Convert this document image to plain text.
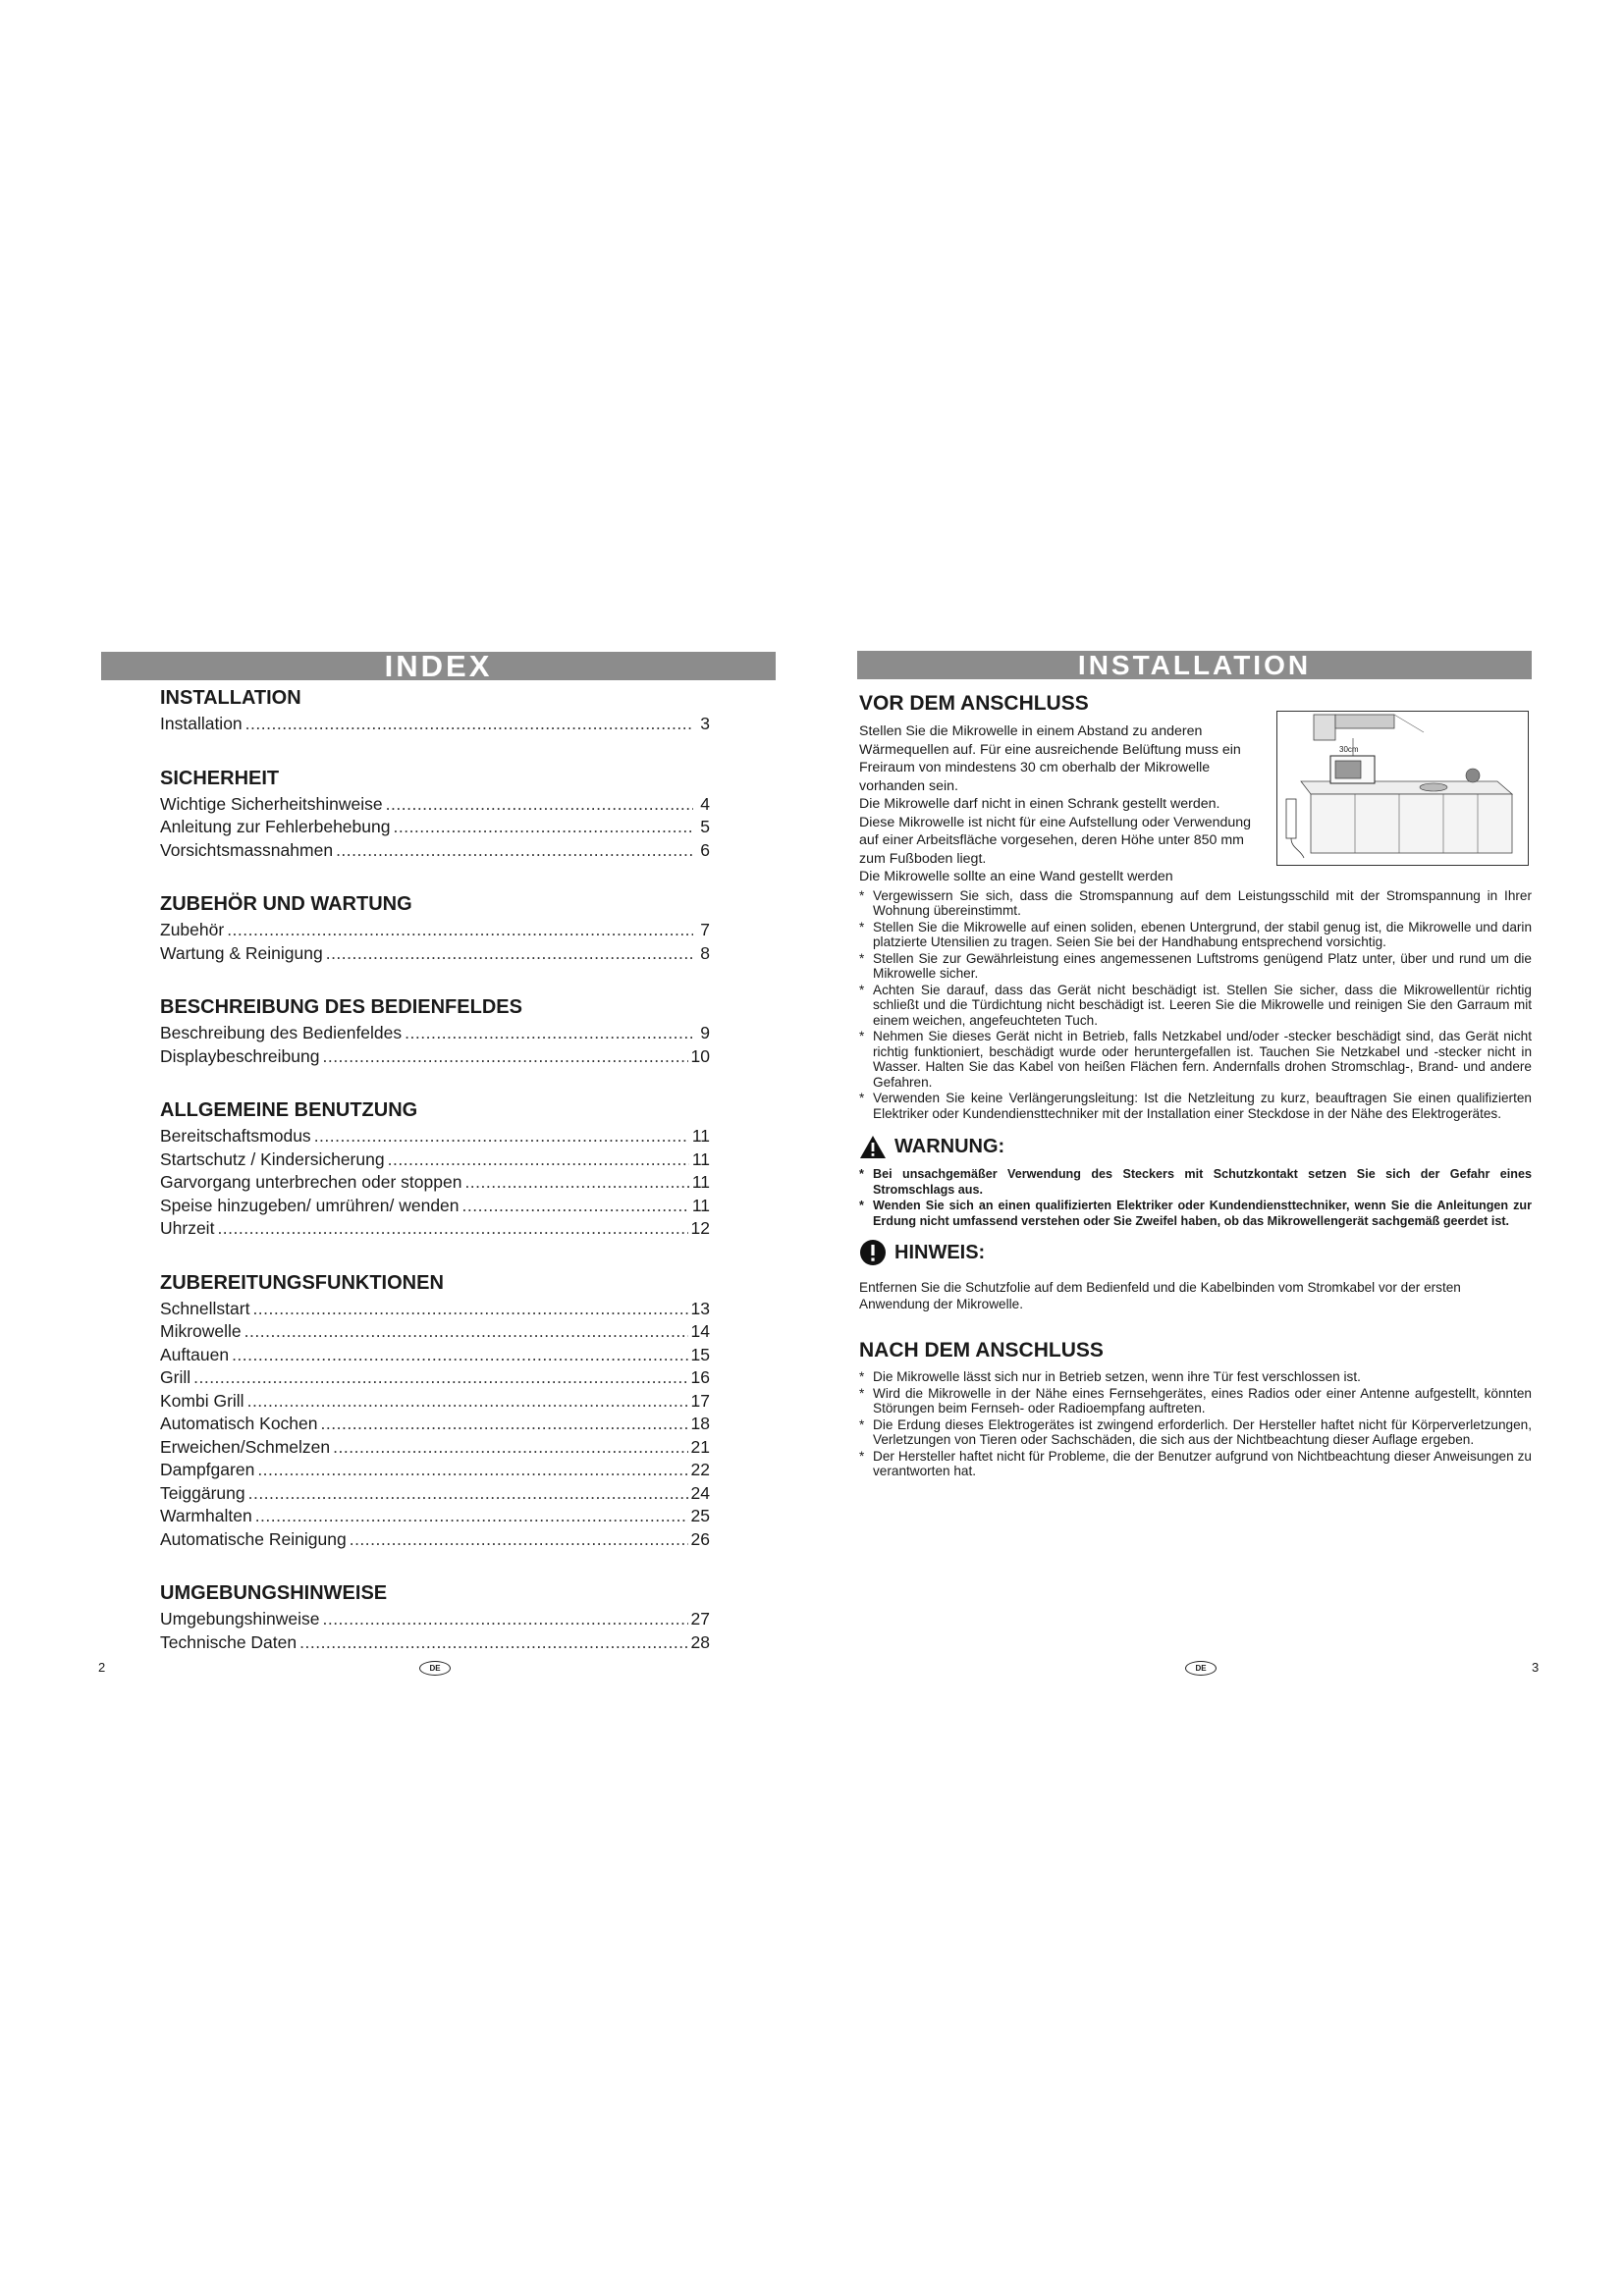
INDEX
INSTALLATION
Installation .....	3
SICHERHEIT
Wichtige Sicherheitshinweise .....	4
Anleitung zur Fehlerbehebung .....	5
Vorsichtsmassnahmen .....	6
ZUBEHÖR UND WARTUNG
Zubehör .....	7
Wartung & Reinigung .....	8
BESCHREIBUNG DES BEDIENFELDES
Beschreibung des Bedienfeldes .....	9
Displaybeschreibung .....	10
ALLGEMEINE BENUTZUNG
Bereitschaftsmodus .....	11
Startschutz / Kindersicherung .....	11
Garvorgang unterbrechen oder stoppen .....	11
Speise hinzugeben/ umrühren/ wenden .....	11
Uhrzeit .....	12
ZUBEREITUNGSFUNKTIONEN
Schnellstart .....	13
Mikrowelle .....	14
Auftauen .....	15
Grill .....	16
Kombi Grill .....	17
Automatisch Kochen .....	18
Erweichen/Schmelzen .....	21
Dampfgaren .....	22
Teiggärung .....	24
Warmhalten .....	25
Automatische Reinigung .....	26
UMGEBUNGSHINWEISE
Umgebungshinweise .....	27
Technische Daten .....	28
2	DE
INSTALLATION
VOR DEM ANSCHLUSS
Stellen Sie die Mikrowelle in einem Abstand zu anderen Wärmequellen auf. Für eine ausreichende Belüftung muss ein Freiraum von mindestens 30 cm oberhalb der Mikrowelle vorhanden sein.
Die Mikrowelle darf nicht in einen Schrank gestellt werden.
Diese Mikrowelle ist nicht für eine Aufstellung oder Verwendung auf einer Arbeitsfläche vorgesehen, deren Höhe unter 850 mm zum Fußboden liegt.
Die Mikrowelle sollte an eine Wand gestellt werden
30cm
* Vergewissern Sie sich, dass die Stromspannung auf dem Leistungsschild mit der Stromspannung in Ihrer Wohnung übereinstimmt.
* Stellen Sie die Mikrowelle auf einen soliden, ebenen Untergrund, der stabil genug ist, die Mikrowelle und darin platzierte Utensilien zu tragen. Seien Sie bei der Handhabung entsprechend vorsichtig.
* Stellen Sie zur Gewährleistung eines angemessenen Luftstroms genügend Platz unter, über und rund um die Mikrowelle sicher.
* Achten Sie darauf, dass das Gerät nicht beschädigt ist. Stellen Sie sicher, dass die Mikrowellentür richtig schließt und die Türdichtung nicht beschädigt ist. Leeren Sie die Mikrowelle und reinigen Sie den Garraum mit einem weichen, angefeuchteten Tuch.
* Nehmen Sie dieses Gerät nicht in Betrieb, falls Netzkabel und/oder -stecker beschädigt sind, das Gerät nicht richtig funktioniert, beschädigt wurde oder heruntergefallen ist. Tauchen Sie Netzkabel und -stecker nicht in Wasser. Halten Sie das Kabel von heißen Flächen fern. Andernfalls drohen Stromschlag-, Brand- und andere Gefahren.
* Verwenden Sie keine Verlängerungsleitung: Ist die Netzleitung zu kurz, beauftragen Sie einen qualifizierten Elektriker oder Kundendiensttechniker mit der Installation einer Steckdose in der Nähe des Elektrogerätes.
WARNUNG:
* Bei unsachgemäßer Verwendung des Steckers mit Schutzkontakt setzen Sie sich der Gefahr eines Stromschlags aus.
* Wenden Sie sich an einen qualifizierten Elektriker oder Kundendiensttechniker, wenn Sie die Anleitungen zur Erdung nicht umfassend verstehen oder Sie Zweifel haben, ob das Mikrowellengerät sachgemäß geerdet ist.
HINWEIS:
Entfernen Sie die Schutzfolie auf dem Bedienfeld und die Kabelbinden vom Stromkabel vor der ersten Anwendung der Mikrowelle.
NACH DEM ANSCHLUSS
* Die Mikrowelle lässt sich nur in Betrieb setzen, wenn ihre Tür fest verschlossen ist.
* Wird die Mikrowelle in der Nähe eines Fernsehgerätes, eines Radios oder einer Antenne aufgestellt, könnten Störungen beim Fernseh- oder Radioempfang auftreten.
* Die Erdung dieses Elektrogerätes ist zwingend erforderlich. Der Hersteller haftet nicht für Körperverletzungen, Verletzungen von Tieren oder Sachschäden, die sich aus der Nichtbeachtung dieser Auflage ergeben.
* Der Hersteller haftet nicht für Probleme, die der Benutzer aufgrund von Nichtbeachtung dieser Anweisungen zu verantworten hat.
DE	3
